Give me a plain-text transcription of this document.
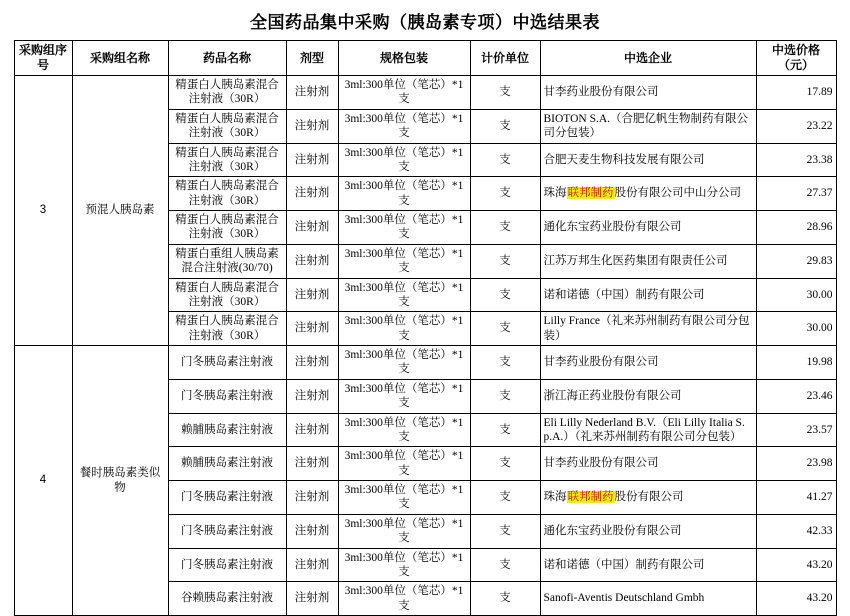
全国药品集中采购（胰岛素专项）中选结果表
采购组序号	采购组名称	药品名称	剂型	规格包装	计价单位	中选企业	中选价格（元）
3	预混人胰岛素	精蛋白人胰岛素混合注射液（30R）	注射剂	3ml:300单位（笔芯）*1支	支	甘李药业股份有限公司	17.89
		精蛋白人胰岛素混合注射液（30R）	注射剂	3ml:300单位（笔芯）*1支	支	BIOTON S.A.（合肥亿帆生物制药有限公司分包装）	23.22
		精蛋白人胰岛素混合注射液（30R）	注射剂	3ml:300单位（笔芯）*1支	支	合肥天麦生物科技发展有限公司	23.38
		精蛋白人胰岛素混合注射液（30R）	注射剂	3ml:300单位（笔芯）*1支	支	珠海联邦制药股份有限公司中山分公司	27.37
		精蛋白人胰岛素混合注射液（30R）	注射剂	3ml:300单位（笔芯）*1支	支	通化东宝药业股份有限公司	28.96
		精蛋白重组人胰岛素混合注射液(30/70)	注射剂	3ml:300单位（笔芯）*1支	支	江苏万邦生化医药集团有限责任公司	29.83
		精蛋白人胰岛素混合注射液（30R）	注射剂	3ml:300单位（笔芯）*1支	支	诺和诺德（中国）制药有限公司	30.00
		精蛋白人胰岛素混合注射液（30R）	注射剂	3ml:300单位（笔芯）*1支	支	Lilly France（礼来苏州制药有限公司分包装）	30.00
4	餐时胰岛素类似物	门冬胰岛素注射液	注射剂	3ml:300单位（笔芯）*1支	支	甘李药业股份有限公司	19.98
		门冬胰岛素注射液	注射剂	3ml:300单位（笔芯）*1支	支	浙江海正药业股份有限公司	23.46
		赖脯胰岛素注射液	注射剂	3ml:300单位（笔芯）*1支	支	Eli Lilly Nederland B.V.（Eli Lilly Italia S.p.A.）（礼来苏州制药有限公司分包装）	23.57
		赖脯胰岛素注射液	注射剂	3ml:300单位（笔芯）*1支	支	甘李药业股份有限公司	23.98
		门冬胰岛素注射液	注射剂	3ml:300单位（笔芯）*1支	支	珠海联邦制药股份有限公司	41.27
		门冬胰岛素注射液	注射剂	3ml:300单位（笔芯）*1支	支	通化东宝药业股份有限公司	42.33
		门冬胰岛素注射液	注射剂	3ml:300单位（笔芯）*1支	支	诺和诺德（中国）制药有限公司	43.20
		谷赖胰岛素注射液	注射剂	3ml:300单位（笔芯）*1支	支	Sanofi-Aventis Deutschland Gmbh	43.20
